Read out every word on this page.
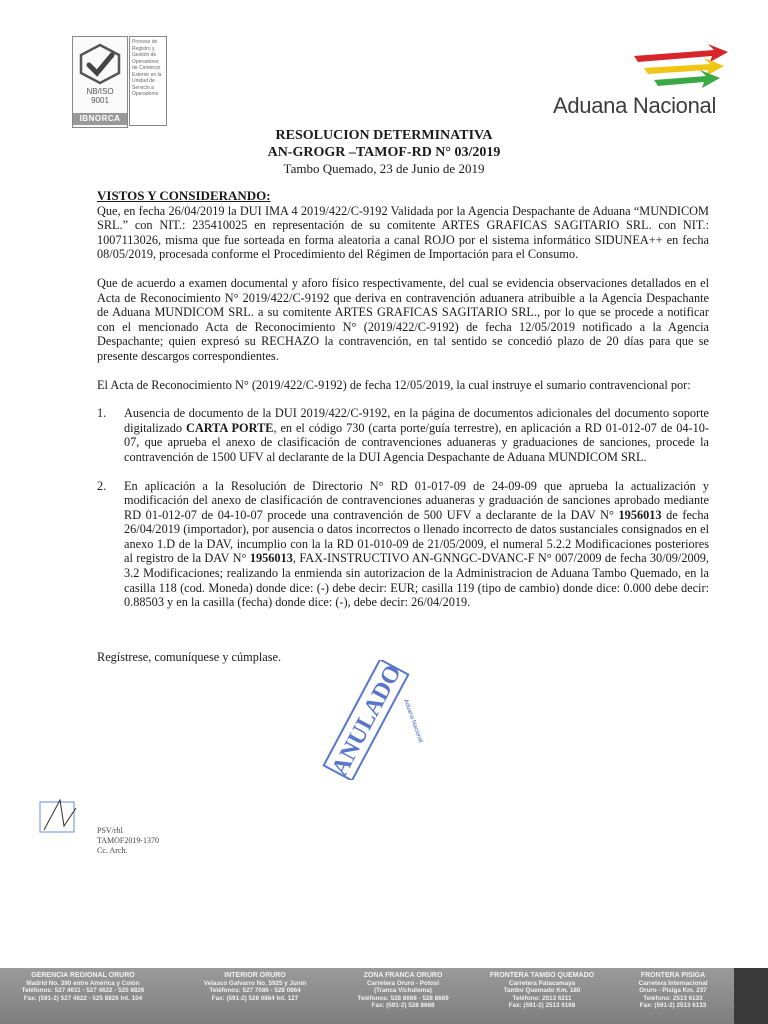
NB/ISO
9001
IBNORCA
Proceso de Registro y Gestión de Operadores de Comercio Exterior en la Unidad de Servicio a Operadores	Aduana Nacional
RESOLUCION DETERMINATIVA
AN-GROGR –TAMOF-RD N° 03/2019
Tambo Quemado, 23 de Junio de 2019
VISTOS Y CONSIDERANDO:

Que, en fecha 26/04/2019 la DUI IMA 4 2019/422/C-9192 Validada por la Agencia Despachante de Aduana “MUNDICOM SRL.” con NIT.: 235410025 en representación de su comitente ARTES GRAFICAS SAGITARIO SRL. con NIT.: 1007113026, misma que fue sorteada en forma aleatoria a canal ROJO por el sistema informático SIDUNEA++ en fecha 08/05/2019, procesada conforme el Procedimiento del Régimen de Importación para el Consumo.

Que de acuerdo a examen documental y aforo físico respectivamente, del cual se evidencia observaciones detallados en el Acta de Reconocimiento N° 2019/422/C-9192 que deriva en contravención aduanera atribuible a la Agencia Despachante de Aduana MUNDICOM SRL. a su comitente ARTES GRAFICAS SAGITARIO SRL., por lo que se procede a notificar con el mencionado Acta de Reconocimiento N° (2019/422/C-9192) de fecha 12/05/2019 notificado a la Agencia Despachante; quien expresó su RECHAZO la contravención, en tal sentido se concedió plazo de 20 días para que se presente descargos correspondientes.

El Acta de Reconocimiento N° (2019/422/C-9192) de fecha 12/05/2019, la cual instruye el sumario contravencional por:

1. Ausencia de documento de la DUI 2019/422/C-9192, en la página de documentos adicionales del documento soporte digitalizado CARTA PORTE, en el código 730 (carta porte/guía terrestre), en aplicación a RD 01-012-07 de 04-10-07, que aprueba el anexo de clasificación de contravenciones aduaneras y graduaciones de sanciones, procede la contravención de 1500 UFV al declarante de la DUI Agencia Despachante de Aduana MUNDICOM SRL.
2. En aplicación a la Resolución de Directorio N° RD 01-017-09 de 24-09-09 que aprueba la actualización y modificación del anexo de clasificación de contravenciones aduaneras y graduación de sanciones aprobado mediante RD 01-012-07 de 04-10-07 procede una contravención de 500 UFV a declarante de la DAV N° 1956013 de fecha 26/04/2019 (importador), por ausencia o datos incorrectos o llenado incorrecto de datos sustanciales consignados en el anexo 1.D de la DAV, incumplio con la la RD 01-010-09 de 21/05/2009, el numeral 5.2.2 Modificaciones posteriores al registro de la DAV N° 1956013, FAX-INSTRUCTIVO AN-GNNGC-DVANC-F N° 007/2009 de fecha 30/09/2009, 3.2 Modificaciones; realizando la enmienda sin autorizacion de la Administracion de Aduana Tambo Quemado, en la casilla 118 (cod. Moneda) donde dice: (-) debe decir: EUR; casilla 119 (tipo de cambio) donde dice: 0.000 debe decir: 0.88503 y en la casilla (fecha) donde dice: (-), debe decir: 26/04/2019.

Regístrese, comuníquese y cúmplase.

ANULADO
Aduana Nacional
PSV/rhl
TAMOF2019-1370
Cc. Arch.
GERENCIA REGIONAL ORURO
Madrid No. 390 entre América y Colón
Teléfonos: 527 4611 - 527 4622 - 525 8826
Fax: (591-2) 527 4822 - 525 8826 Int. 104
INTERIOR ORURO
Velasco Galvarro No. 5925 y Junín
Teléfonos: 527 7086 - 528 0864
Fax: (591-2) 528 0864 Int. 127
ZONA FRANCA ORURO
Carretera Oruro - Potosí
(Tranca Vichuloma)
Teléfonos: 528 8668 - 528 8669
Fax: (591-2) 528 8668
FRONTERA TAMBO QUEMADO
Carretera Patacamaya
Tambo Quemado Km. 180
Teléfono: 2513 6211
Fax: (591-2) 2513 6168
FRONTERA PISIGA
Carretera Internacional
Oruro - Pisiga Km. 237
Teléfono: 2513 6133
Fax: (591-2) 2513 6133
